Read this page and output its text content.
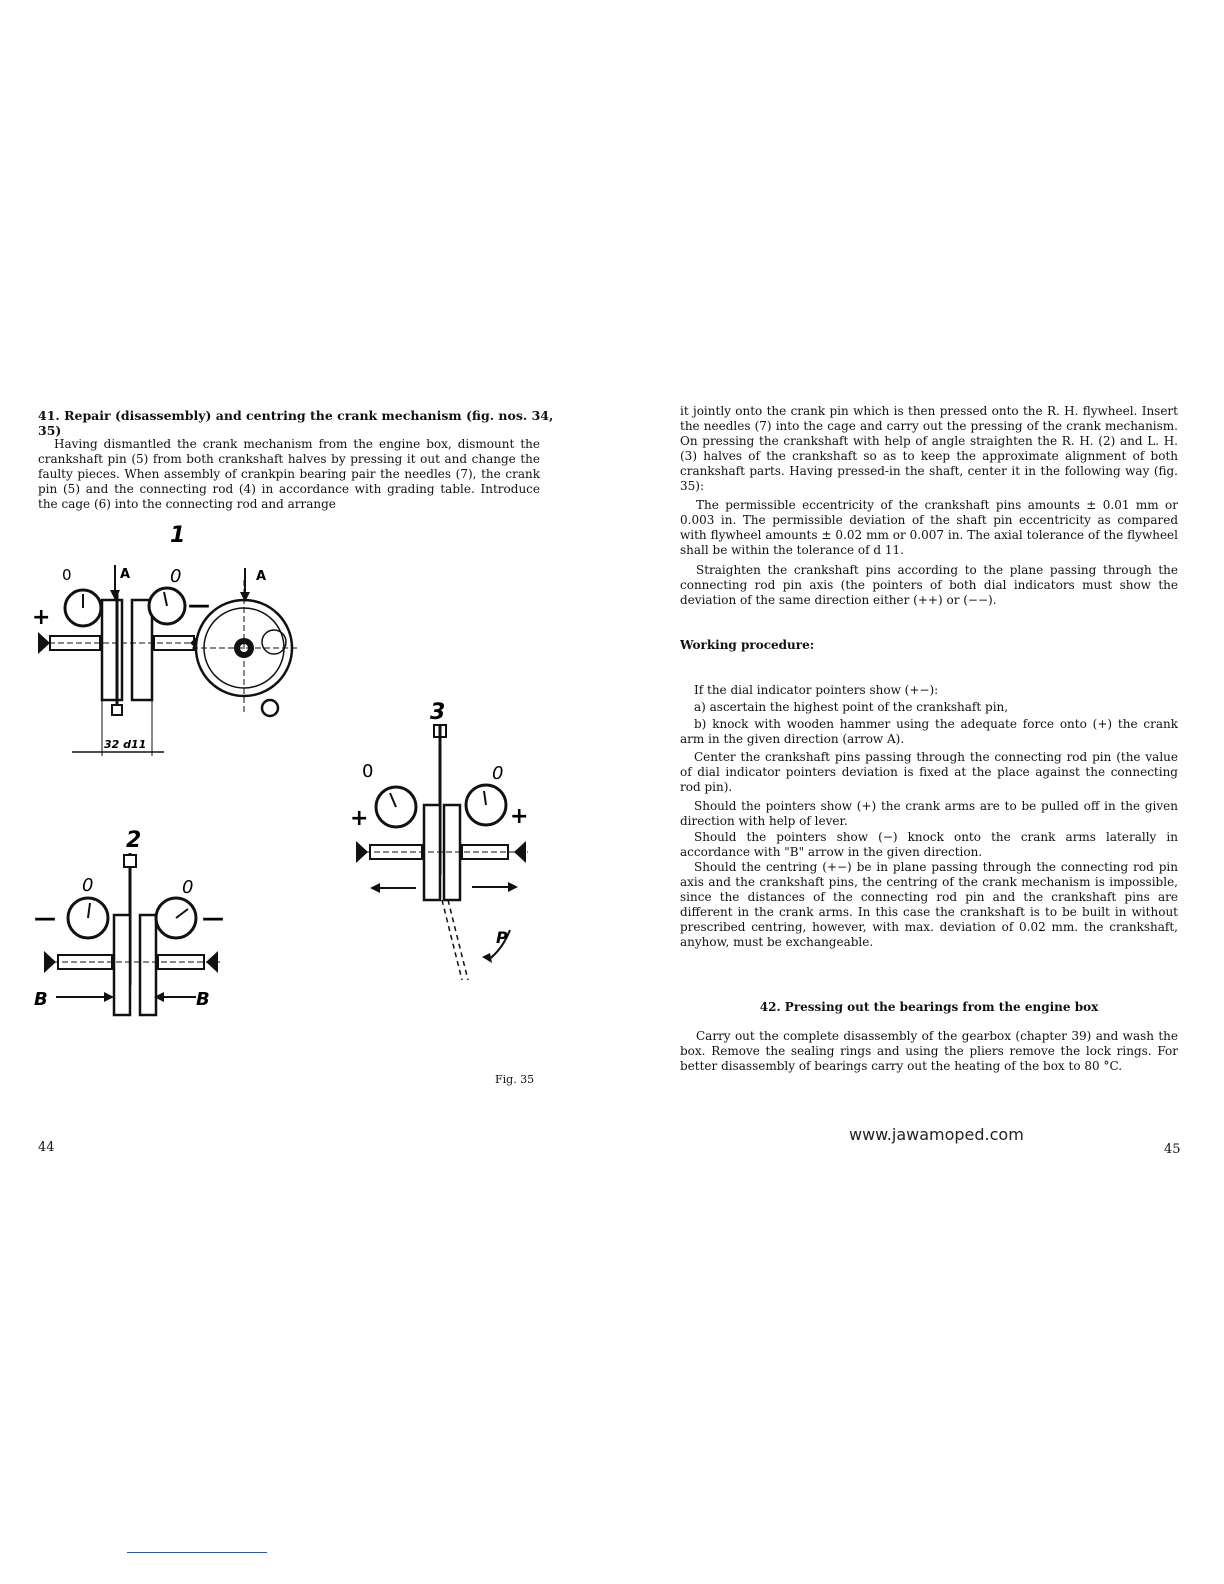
41. Repair (disassembly) and centring the crank mechanism (fig. nos. 34, 35)

Having dismantled the crank mechanism from the engine box, dismount the crankshaft pin (5) from both crankshaft halves by pressing it out and change the faulty pieces. When assembly of crankpin bearing pair the needles (7), the crank pin (5) and the connecting rod (4) in accordance with grading table. Introduce the cage (6) into the connecting rod and arrange

1
A
0	0
+	—
A
32 d11
2
0	0
—	—
B	B
3
0	0
+	+
P
Fig. 35
44

it jointly onto the crank pin which is then pressed onto the R. H. flywheel. Insert the needles (7) into the cage and carry out the pressing of the crank mechanism. On pressing the crankshaft with help of angle straighten the R. H. (2) and L. H. (3) halves of the crankshaft so as to keep the approximate alignment of both crankshaft parts. Having pressed-in the shaft, center it in the following way (fig. 35):

The permissible eccentricity of the crankshaft pins amounts ± 0.01 mm or 0.003 in. The permissible deviation of the shaft pin eccentricity as compared with flywheel amounts ± 0.02 mm or 0.007 in. The axial tolerance of the flywheel shall be within the tolerance of d 11.

Straighten the crankshaft pins according to the plane passing through the connecting rod pin axis (the pointers of both dial indicators must show the deviation of the same direction either (++) or (−−).

Working procedure:

If the dial indicator pointers show (+−):

a) ascertain the highest point of the crankshaft pin,

b) knock with wooden hammer using the adequate force onto (+) the crank arm in the given direction (arrow A).

Center the crankshaft pins passing through the connecting rod pin (the value of dial indicator pointers deviation is fixed at the place against the connecting rod pin).

Should the pointers show (+) the crank arms are to be pulled off in the given direction with help of lever.

Should the pointers show (−) knock onto the crank arms laterally in accordance with "B" arrow in the given direction.

Should the centring (+−) be in plane passing through the connecting rod pin axis and the crankshaft pins, the centring of the crank mechanism is impossible, since the distances of the connecting rod pin and the crankshaft pins are different in the crank arms. In this case the crankshaft is to be built in without prescribed centring, however, with max. deviation of 0.02 mm. the crankshaft, anyhow, must be exchangeable.

42. Pressing out the bearings from the engine box

Carry out the complete disassembly of the gearbox (chapter 39) and wash the box. Remove the sealing rings and using the pliers remove the lock rings. For better disassembly of bearings carry out the heating of the box to 80 °C.

www.jawamoped.com
45
